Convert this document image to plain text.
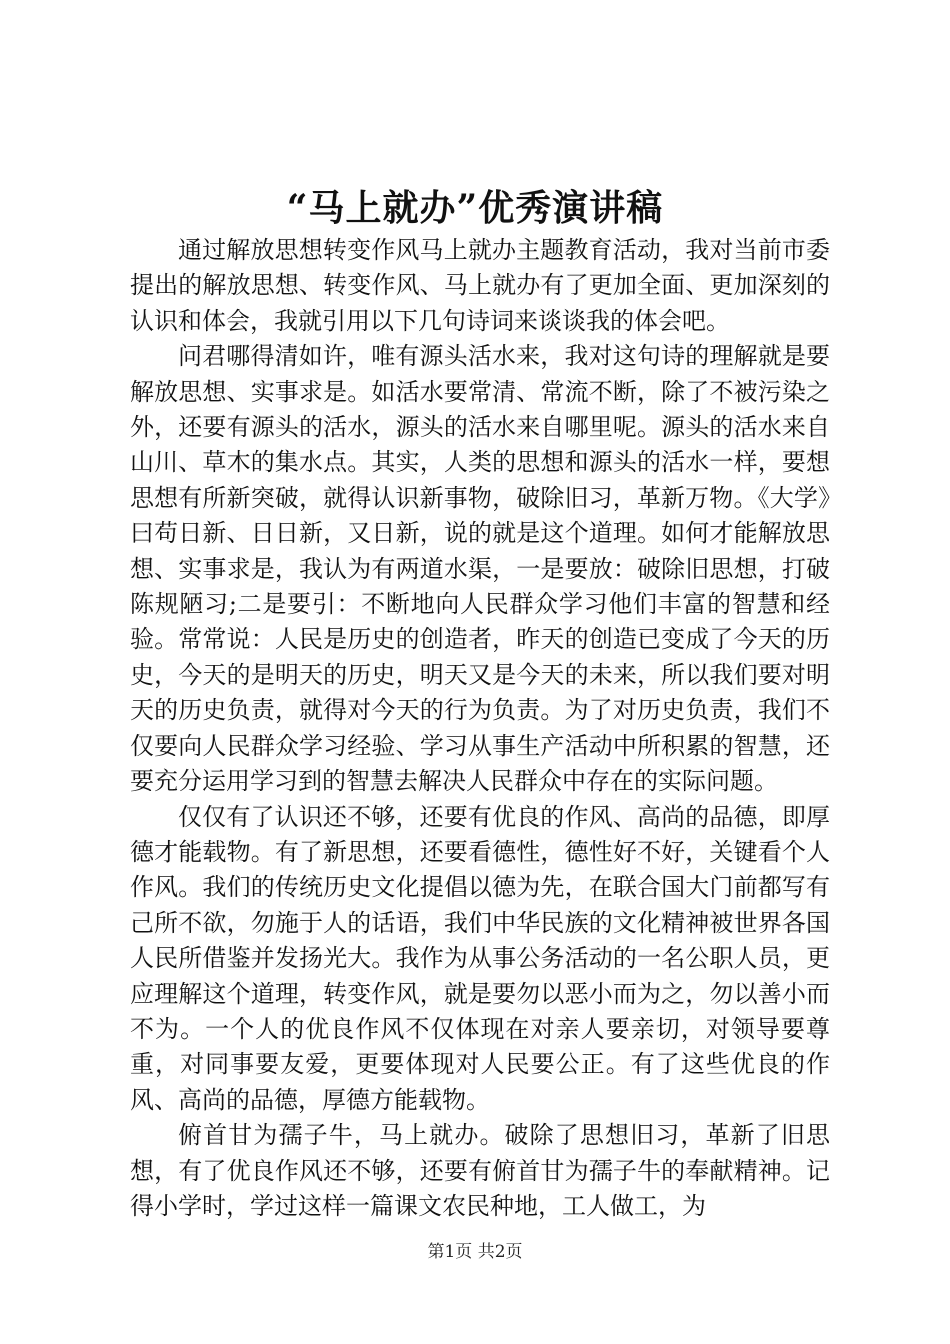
“马上就办”优秀演讲稿

通过解放思想转变作风马上就办主题教育活动，我对当前市委提出的解放思想、转变作风、马上就办有了更加全面、更加深刻的认识和体会，我就引用以下几句诗词来谈谈我的体会吧。

问君哪得清如许，唯有源头活水来，我对这句诗的理解就是要解放思想、实事求是。如活水要常清、常流不断，除了不被污染之外，还要有源头的活水，源头的活水来自哪里呢。源头的活水来自山川、草木的集水点。其实，人类的思想和源头的活水一样，要想思想有所新突破，就得认识新事物，破除旧习，革新万物。《大学》曰苟日新、日日新，又日新，说的就是这个道理。如何才能解放思想、实事求是，我认为有两道水渠，一是要放：破除旧思想，打破陈规陋习;二是要引：不断地向人民群众学习他们丰富的智慧和经验。常常说：人民是历史的创造者，昨天的创造已变成了今天的历史，今天的是明天的历史，明天又是今天的未来，所以我们要对明天的历史负责，就得对今天的行为负责。为了对历史负责，我们不仅要向人民群众学习经验、学习从事生产活动中所积累的智慧，还要充分运用学习到的智慧去解决人民群众中存在的实际问题。

仅仅有了认识还不够，还要有优良的作风、高尚的品德，即厚德才能载物。有了新思想，还要看德性，德性好不好，关键看个人作风。我们的传统历史文化提倡以德为先，在联合国大门前都写有己所不欲，勿施于人的话语，我们中华民族的文化精神被世界各国人民所借鉴并发扬光大。我作为从事公务活动的一名公职人员，更应理解这个道理，转变作风，就是要勿以恶小而为之，勿以善小而不为。一个人的优良作风不仅体现在对亲人要亲切，对领导要尊重，对同事要友爱，更要体现对人民要公正。有了这些优良的作风、高尚的品德，厚德方能载物。

俯首甘为孺子牛，马上就办。破除了思想旧习，革新了旧思想，有了优良作风还不够，还要有俯首甘为孺子牛的奉献精神。记得小学时，学过这样一篇课文农民种地，工人做工，为

第1页 共2页
